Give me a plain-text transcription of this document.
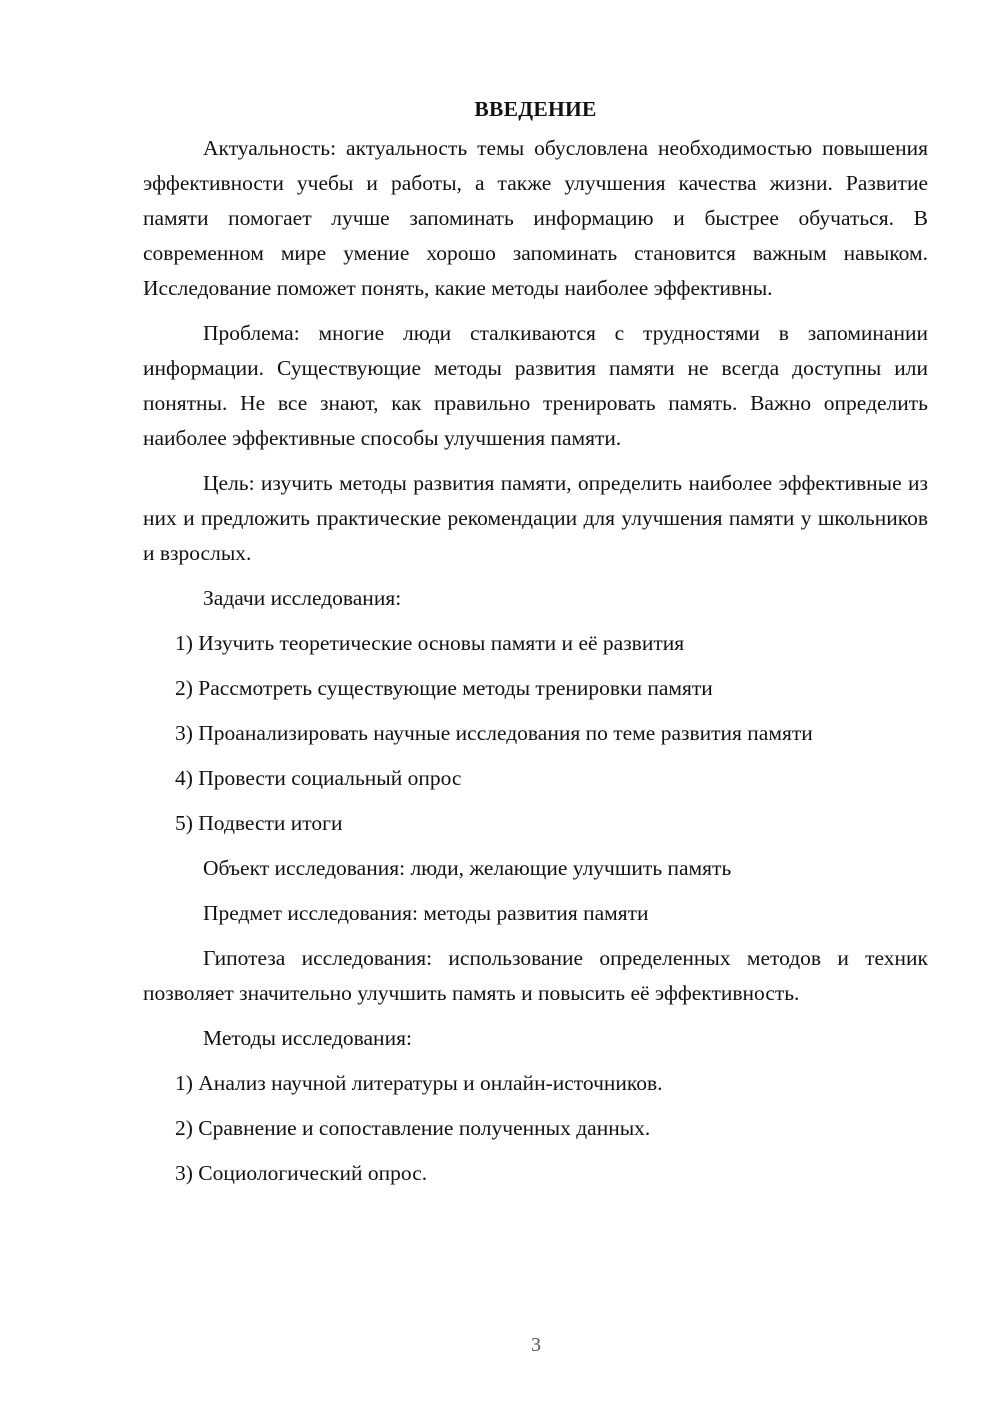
ВВЕДЕНИЕ

Актуальность: актуальность темы обусловлена необходимостью повышения эффективности учебы и работы, а также улучшения качества жизни. Развитие памяти помогает лучше запоминать информацию и быстрее обучаться. В современном мире умение хорошо запоминать становится важным навыком. Исследование поможет понять, какие методы наиболее эффективны.

Проблема: многие люди сталкиваются с трудностями в запоминании информации. Существующие методы развития памяти не всегда доступны или понятны. Не все знают, как правильно тренировать память. Важно определить наиболее эффективные способы улучшения памяти.

Цель: изучить методы развития памяти, определить наиболее эффективные из них и предложить практические рекомендации для улучшения памяти у школьников и взрослых.

Задачи исследования:

1) Изучить теоретические основы памяти и её развития

2) Рассмотреть существующие методы тренировки памяти

3) Проанализировать научные исследования по теме развития памяти

4) Провести социальный опрос

5) Подвести итоги

Объект исследования: люди, желающие улучшить память

Предмет исследования: методы развития памяти

Гипотеза исследования: использование определенных методов и техник позволяет значительно улучшить память и повысить её эффективность.

Методы исследования:

1) Анализ научной литературы и онлайн-источников.

2) Сравнение и сопоставление полученных данных.

3) Социологический опрос.

3
